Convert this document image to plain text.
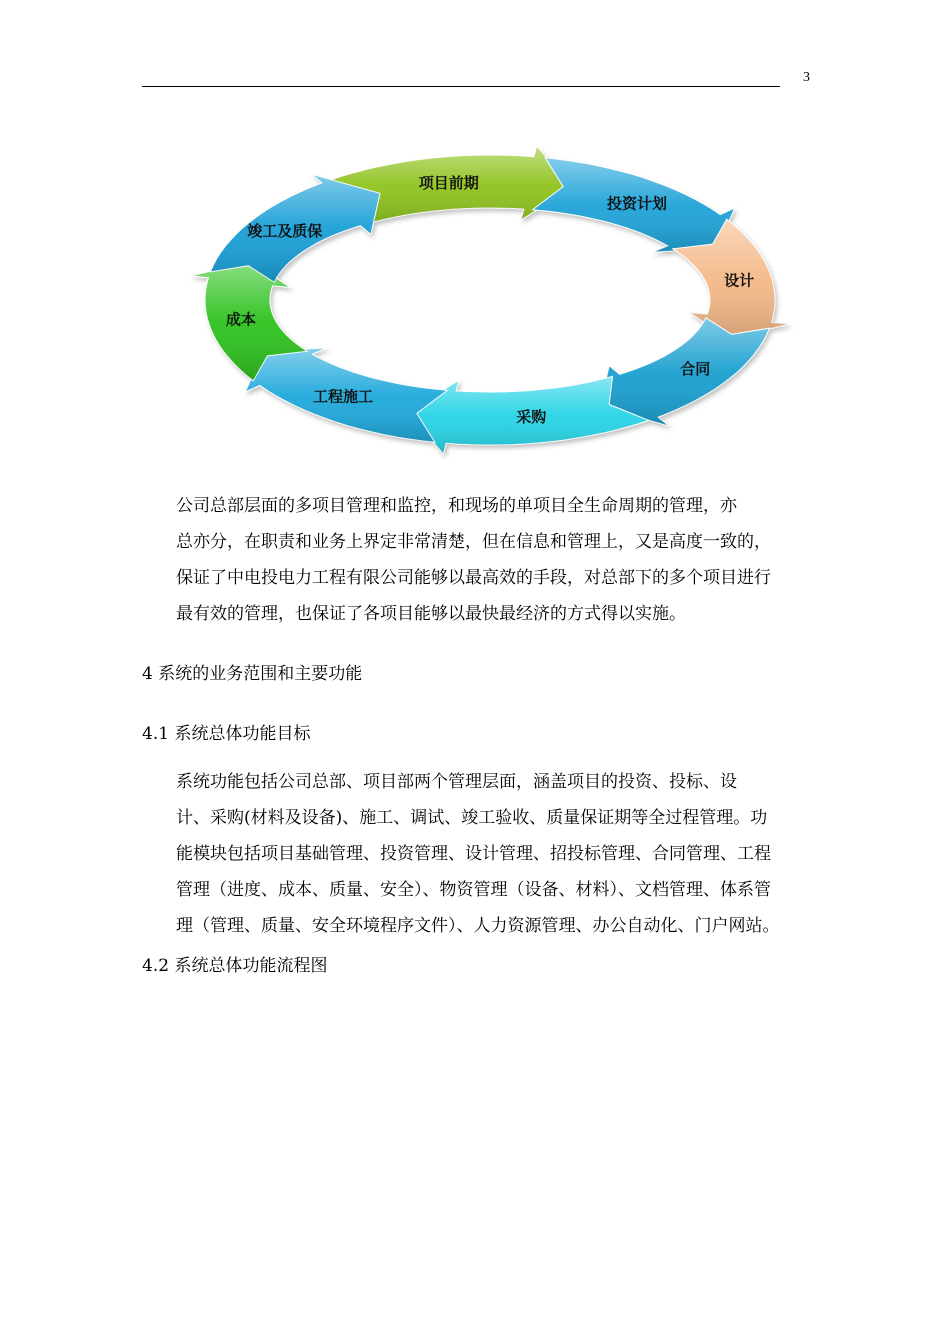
3
项目前期
投资计划
设计
合同
采购
工程施工
成本
竣工及质保
公司总部层面的多项目管理和监控，和现场的单项目全生命周期的管理，亦
总亦分，在职责和业务上界定非常清楚，但在信息和管理上，又是高度一致的，
保证了中电投电力工程有限公司能够以最高效的手段，对总部下的多个项目进行
最有效的管理，也保证了各项目能够以最快最经济的方式得以实施。
4 系统的业务范围和主要功能
4.1 系统总体功能目标
系统功能包括公司总部、项目部两个管理层面，涵盖项目的投资、投标、设
计、采购(材料及设备)、施工、调试、竣工验收、质量保证期等全过程管理。功
能模块包括项目基础管理、投资管理、设计管理、招投标管理、合同管理、工程
管理（进度、成本、质量、安全）、物资管理（设备、材料）、文档管理、体系管
理（管理、质量、安全环境程序文件）、人力资源管理、办公自动化、门户网站。
4.2 系统总体功能流程图
